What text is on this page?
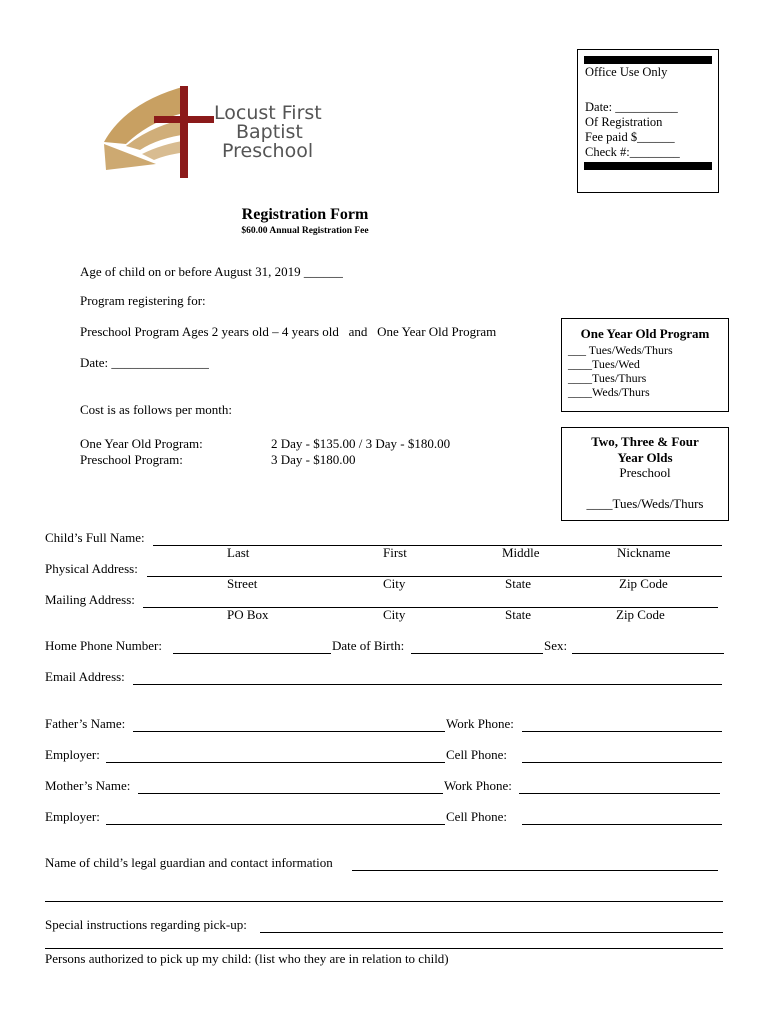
Office Use Only
Date: __________
Of Registration
Fee paid $______
Check #:________
Locust First
Baptist
Preschool
Registration Form
$60.00 Annual Registration Fee
Age of child on or before August 31, 2019 ______
Program registering for:
Preschool Program Ages 2 years old – 4 years old   and   One Year Old Program
Date: _______________
Cost is as follows per month:
One Year Old Program:	2 Day - $135.00 / 3 Day - $180.00
Preschool Program:	3 Day - $180.00
One Year Old Program
___ Tues/Weds/Thurs
____Tues/Wed
____Tues/Thurs
____Weds/Thurs
Two, Three & Four
Year Olds
Preschool
____Tues/Weds/Thurs
Child’s Full Name:
Last	First	Middle	Nickname
Physical Address:
Street	City	State	Zip Code
Mailing Address:
PO Box	City	State	Zip Code
Home Phone Number:	Date of Birth:	Sex:
Email Address:
Father’s Name:	Work Phone:
Employer:	Cell Phone:
Mother’s Name:	Work Phone:
Employer:	Cell Phone:
Name of child’s legal guardian and contact information
Special instructions regarding pick-up:
Persons authorized to pick up my child: (list who they are in relation to child)
